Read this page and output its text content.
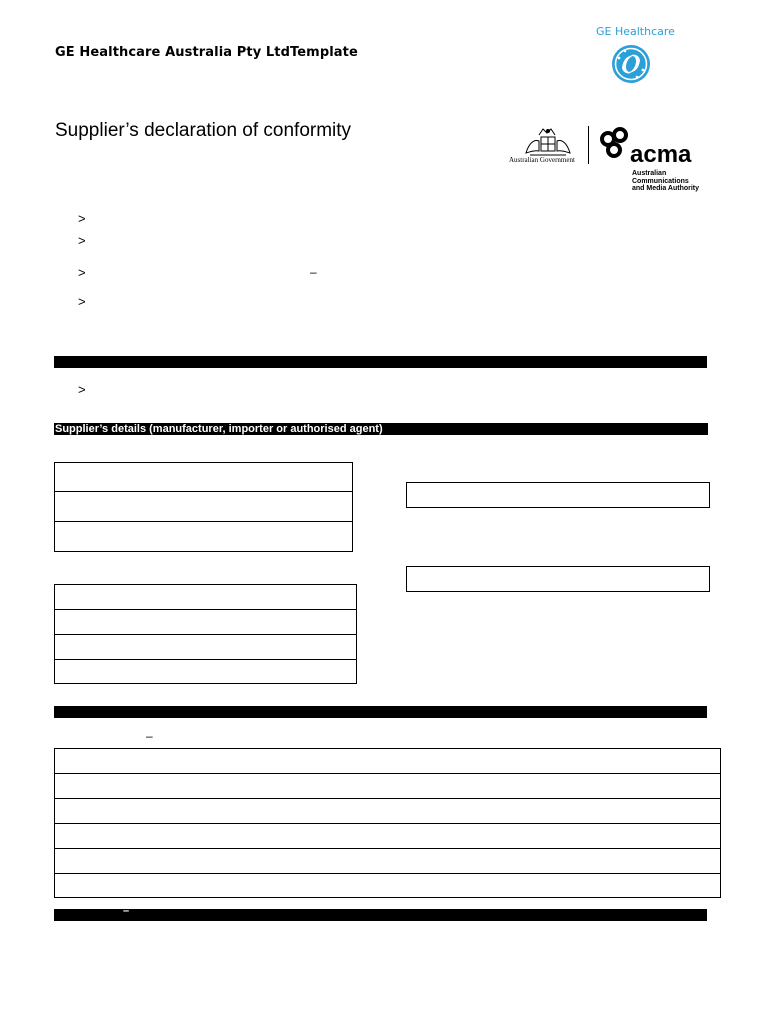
GE Healthcare Australia Pty LtdTemplate
GE Healthcare
Supplier’s declaration of conformity
Australian Government acma
Australian
Communications
and Media Authority
>
>
>	–
>
>
Supplier’s details (manufacturer, importer or authorised agent)
–
–
